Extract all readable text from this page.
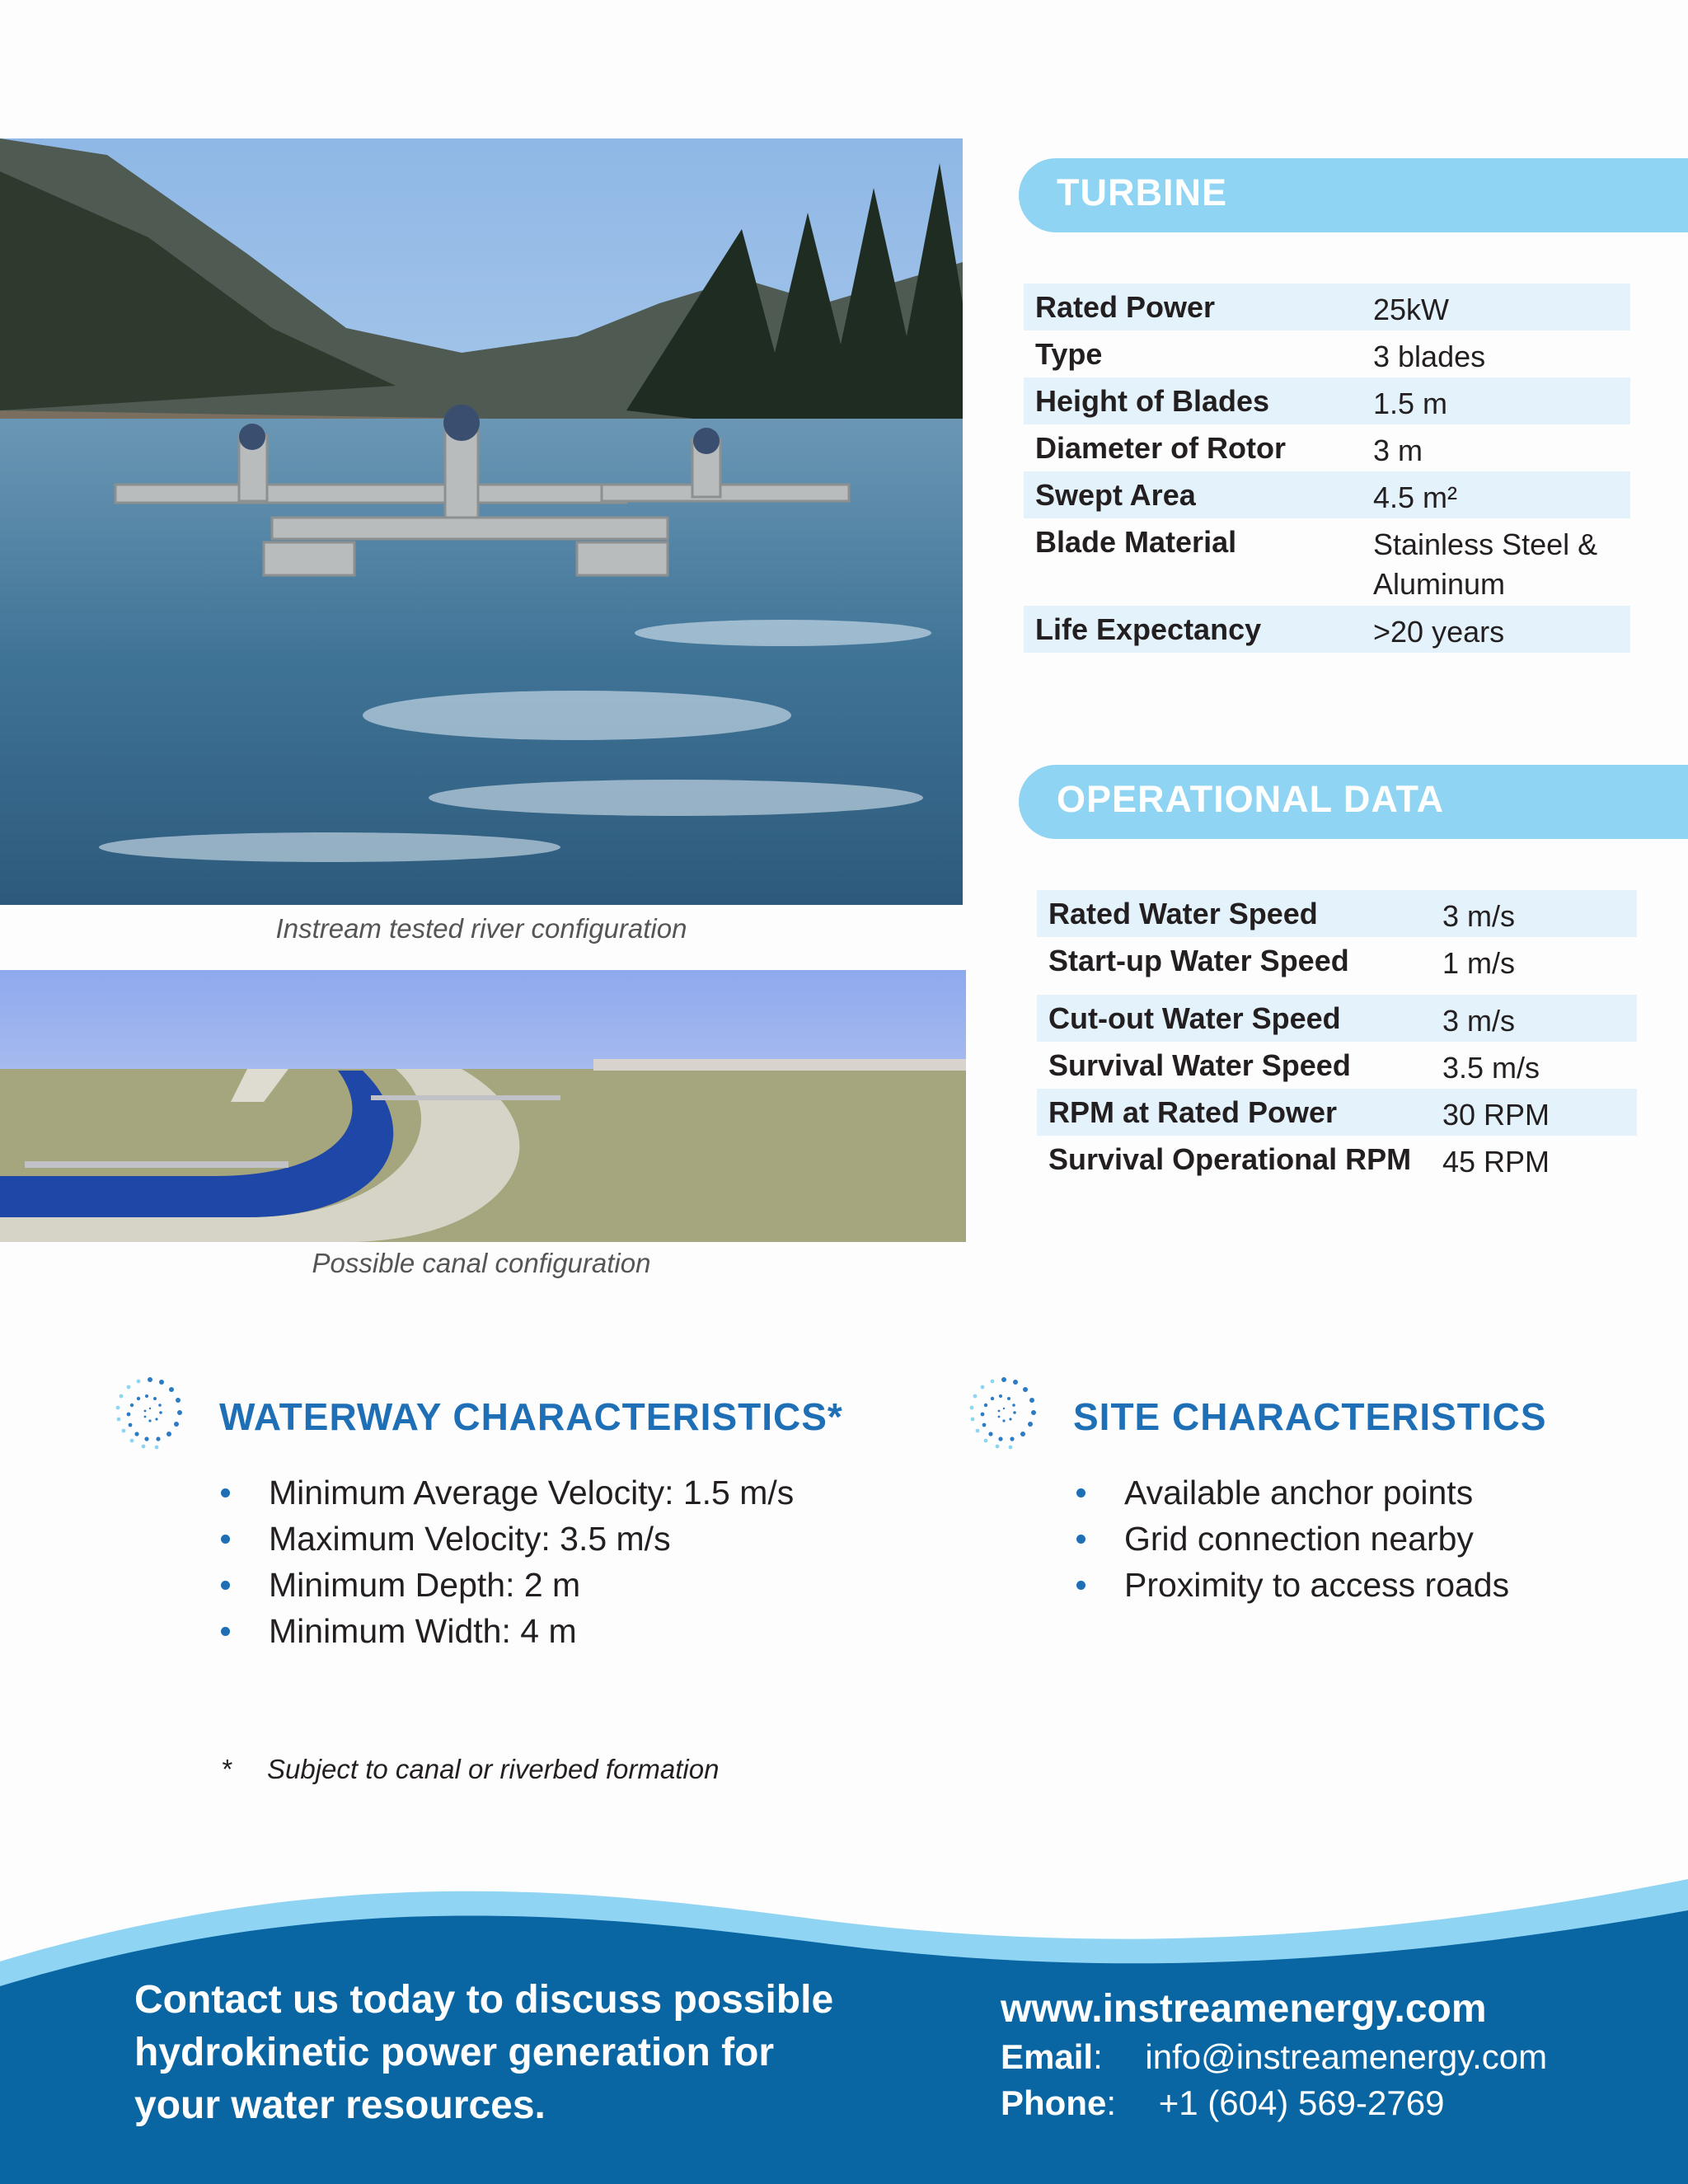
Instream tested river configuration
Possible canal configuration
TURBINE
Rated Power	25kW
Type	3 blades
Height of Blades	1.5 m
Diameter of Rotor	3 m
Swept Area	4.5 m²
Blade Material	Stainless Steel &
Aluminum
Life Expectancy	>20 years
OPERATIONAL DATA
Rated Water Speed	3 m/s
Start-up Water Speed	1 m/s
Cut-out Water Speed	3 m/s
Survival Water Speed	3.5 m/s
RPM at Rated Power	30 RPM
Survival Operational RPM 45 RPM
WATERWAY CHARACTERISTICS*
Minimum Average Velocity: 1.5 m/s
Maximum Velocity: 3.5 m/s
Minimum Depth: 2 m
Minimum Width: 4 m
* Subject to canal or riverbed formation
SITE CHARACTERISTICS
Available anchor points
Grid connection nearby
Proximity to access roads
Contact us today to discuss possible
hydrokinetic power generation for
your water resources.
www.instreamenergy.com
Email: info@instreamenergy.com
Phone: +1 (604) 569-2769
